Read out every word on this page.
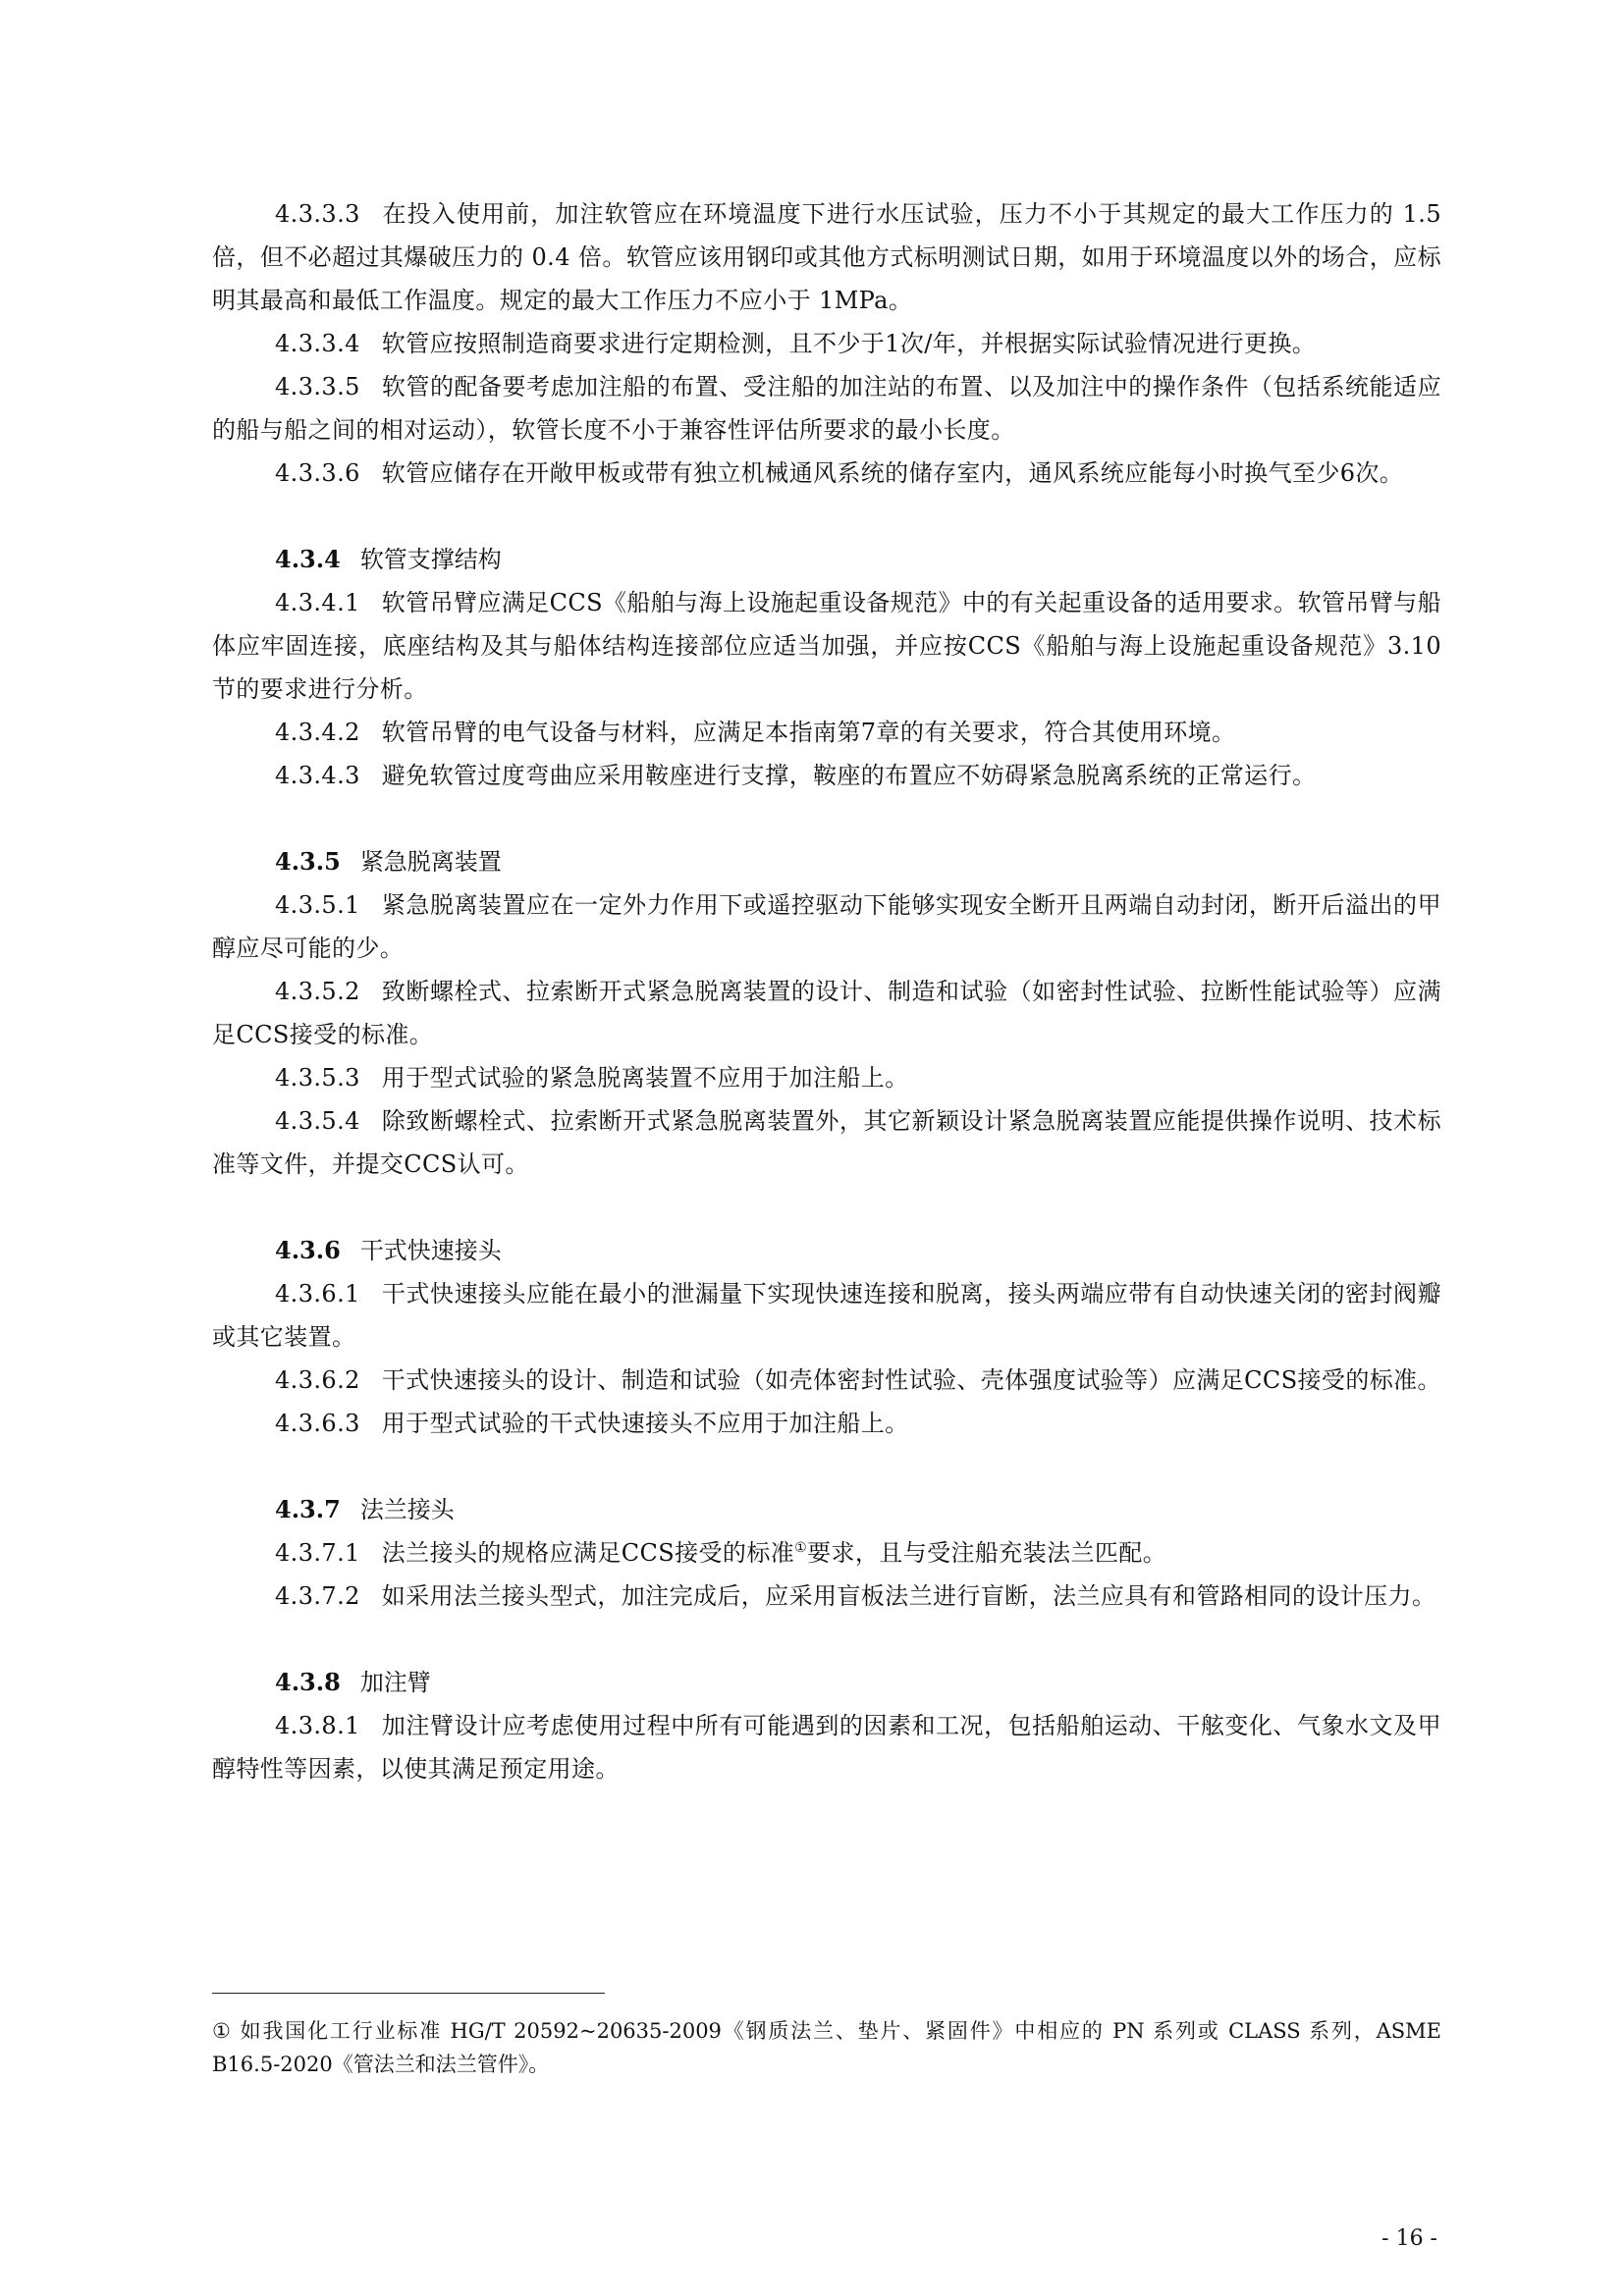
4.3.3.3 在投入使用前，加注软管应在环境温度下进行水压试验，压力不小于其规定的最大工作压力的 1.5 倍，但不必超过其爆破压力的 0.4 倍。软管应该用钢印或其他方式标明测试日期，如用于环境温度以外的场合，应标明其最高和最低工作温度。规定的最大工作压力不应小于 1MPa。

4.3.3.4 软管应按照制造商要求进行定期检测，且不少于1次/年，并根据实际试验情况进行更换。

4.3.3.5 软管的配备要考虑加注船的布置、受注船的加注站的布置、以及加注中的操作条件（包括系统能适应的船与船之间的相对运动），软管长度不小于兼容性评估所要求的最小长度。

4.3.3.6 软管应储存在开敞甲板或带有独立机械通风系统的储存室内，通风系统应能每小时换气至少6次。

4.3.4 软管支撑结构

4.3.4.1 软管吊臂应满足CCS《船舶与海上设施起重设备规范》中的有关起重设备的适用要求。软管吊臂与船体应牢固连接，底座结构及其与船体结构连接部位应适当加强，并应按CCS《船舶与海上设施起重设备规范》3.10节的要求进行分析。

4.3.4.2 软管吊臂的电气设备与材料，应满足本指南第7章的有关要求，符合其使用环境。

4.3.4.3 避免软管过度弯曲应采用鞍座进行支撑，鞍座的布置应不妨碍紧急脱离系统的正常运行。

4.3.5 紧急脱离装置

4.3.5.1 紧急脱离装置应在一定外力作用下或遥控驱动下能够实现安全断开且两端自动封闭，断开后溢出的甲醇应尽可能的少。

4.3.5.2 致断螺栓式、拉索断开式紧急脱离装置的设计、制造和试验（如密封性试验、拉断性能试验等）应满足CCS接受的标准。

4.3.5.3 用于型式试验的紧急脱离装置不应用于加注船上。

4.3.5.4 除致断螺栓式、拉索断开式紧急脱离装置外，其它新颖设计紧急脱离装置应能提供操作说明、技术标准等文件，并提交CCS认可。

4.3.6 干式快速接头

4.3.6.1 干式快速接头应能在最小的泄漏量下实现快速连接和脱离，接头两端应带有自动快速关闭的密封阀瓣或其它装置。

4.3.6.2 干式快速接头的设计、制造和试验（如壳体密封性试验、壳体强度试验等）应满足CCS接受的标准。

4.3.6.3 用于型式试验的干式快速接头不应用于加注船上。

4.3.7 法兰接头

4.3.7.1 法兰接头的规格应满足CCS接受的标准①要求，且与受注船充装法兰匹配。

4.3.7.2 如采用法兰接头型式，加注完成后，应采用盲板法兰进行盲断，法兰应具有和管路相同的设计压力。

4.3.8 加注臂

4.3.8.1 加注臂设计应考虑使用过程中所有可能遇到的因素和工况，包括船舶运动、干舷变化、气象水文及甲醇特性等因素，以使其满足预定用途。

① 如我国化工行业标准 HG/T 20592~20635-2009《钢质法兰、垫片、紧固件》中相应的 PN 系列或 CLASS 系列，ASME B16.5-2020《管法兰和法兰管件》。
- 16 -
